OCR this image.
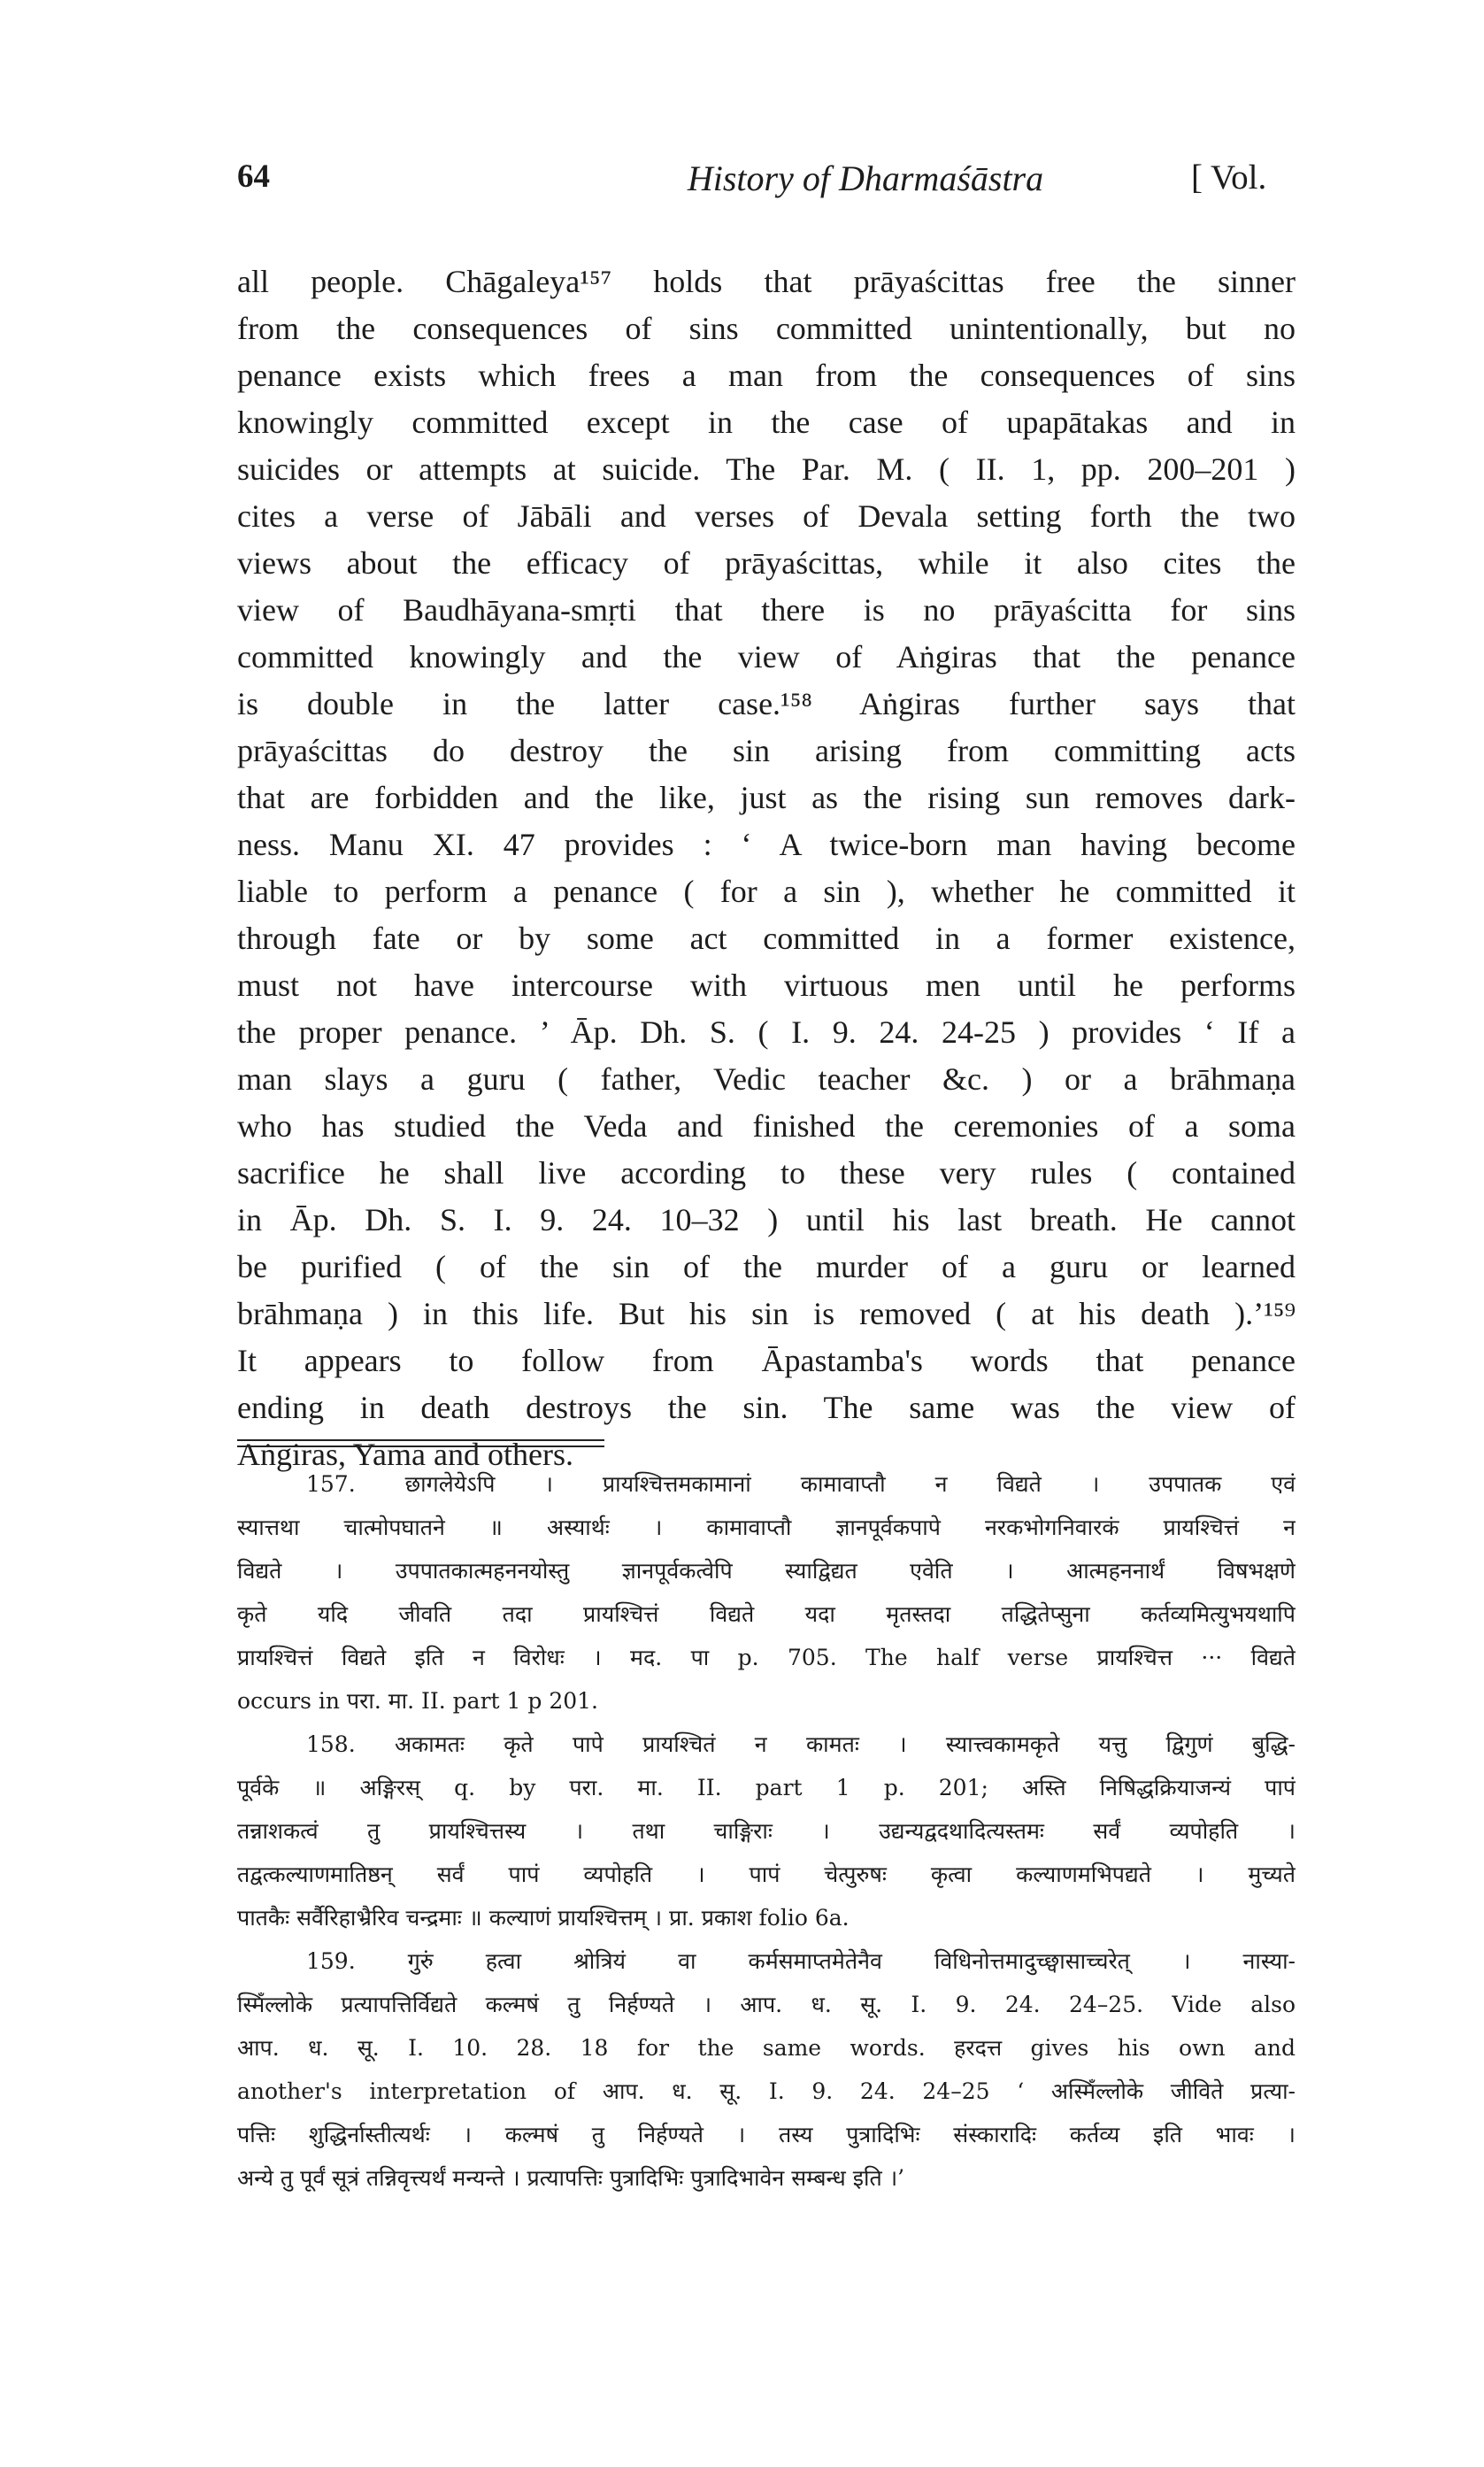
64	History of Dharmaśāstra	[ Vol.
all people. Chāgaleya¹⁵⁷ holds that prāyaścittas free the sinner
from the consequences of sins committed unintentionally, but no
penance exists which frees a man from the consequences of sins
knowingly committed except in the case of upapātakas and in
suicides or attempts at suicide. The Par. M. ( II. 1, pp. 200–201 )
cites a verse of Jābāli and verses of Devala setting forth the two
views about the efficacy of prāyaścittas, while it also cites the
view of Baudhāyana-smṛti that there is no prāyaścitta for sins
committed knowingly and the view of Aṅgiras that the penance
is double in the latter case.¹⁵⁸ Aṅgiras further says that
prāyaścittas do destroy the sin arising from committing acts
that are forbidden and the like, just as the rising sun removes dark-
ness. Manu XI. 47 provides : ‘ A twice-born man having become
liable to perform a penance ( for a sin ), whether he committed it
through fate or by some act committed in a former existence,
must not have intercourse with virtuous men until he performs
the proper penance. ’ Āp. Dh. S. ( I. 9. 24. 24-25 ) provides ‘ If a
man slays a guru ( father, Vedic teacher &c. ) or a brāhmaṇa
who has studied the Veda and finished the ceremonies of a soma
sacrifice he shall live according to these very rules ( contained
in Āp. Dh. S. I. 9. 24. 10–32 ) until his last breath. He cannot
be purified ( of the sin of the murder of a guru or learned
brāhmaṇa ) in this life. But his sin is removed ( at his death ).’¹⁵⁹
It appears to follow from Āpastamba's words that penance
ending in death destroys the sin. The same was the view of
Aṅgiras, Yama and others.
157. छागलेयेऽपि । प्रायश्चित्तमकामानां कामावाप्तौ न विद्यते । उपपातक एवं
स्यात्तथा चात्मोपघातने ॥ अस्यार्थः । कामावाप्तौ ज्ञानपूर्वकपापे नरकभोगनिवारकं प्रायश्चित्तं न
विद्यते । उपपातकात्महननयोस्तु ज्ञानपूर्वकत्वेपि स्याद्विद्यत एवेति । आत्महननार्थं विषभक्षणे
कृते यदि जीवति तदा प्रायश्चित्तं विद्यते यदा मृतस्तदा तद्धितेप्सुना कर्तव्यमित्युभयथापि
प्रायश्चित्तं विद्यते इति न विरोधः । मद. पा p. 705. The half verse प्रायश्चित्त ··· विद्यते
occurs in परा. मा. II. part 1 p 201.
158. अकामतः कृते पापे प्रायश्चितं न कामतः । स्यात्त्वकामकृते यत्तु द्विगुणं बुद्धि-
पूर्वके ॥ अङ्गिरस् q. by परा. मा. II. part 1 p. 201; अस्ति निषिद्धक्रियाजन्यं पापं
तन्नाशकत्वं तु प्रायश्चित्तस्य । तथा चाङ्गिराः । उद्यन्यद्वदथादित्यस्तमः सर्वं व्यपोहति ।
तद्वत्कल्याणमातिष्ठन् सर्वं पापं व्यपोहति । पापं चेत्पुरुषः कृत्वा कल्याणमभिपद्यते । मुच्यते
पातकैः सर्वैरिहाभ्रैरिव चन्द्रमाः ॥ कल्याणं प्रायश्चित्तम् । प्रा. प्रकाश folio 6a.
159. गुरुं हत्वा श्रोत्रियं वा कर्मसमाप्तमेतेनैव विधिनोत्तमादुच्छ्वासाच्चरेत् । नास्या-
स्मिँल्लोके प्रत्यापत्तिर्विद्यते कल्मषं तु निर्हण्यते । आप. ध. सू. I. 9. 24. 24–25. Vide also
आप. ध. सू. I. 10. 28. 18 for the same words. हरदत्त gives his own and
another's interpretation of आप. ध. सू. I. 9. 24. 24–25 ‘ अस्मिँल्लोके जीविते प्रत्या-
पत्तिः शुद्धिर्नास्तीत्यर्थः । कल्मषं तु निर्हण्यते । तस्य पुत्रादिभिः संस्कारादिः कर्तव्य इति भावः ।
अन्ये तु पूर्वं सूत्रं तन्निवृत्त्यर्थं मन्यन्ते । प्रत्यापत्तिः पुत्रादिभिः पुत्रादिभावेन सम्बन्ध इति ।’
